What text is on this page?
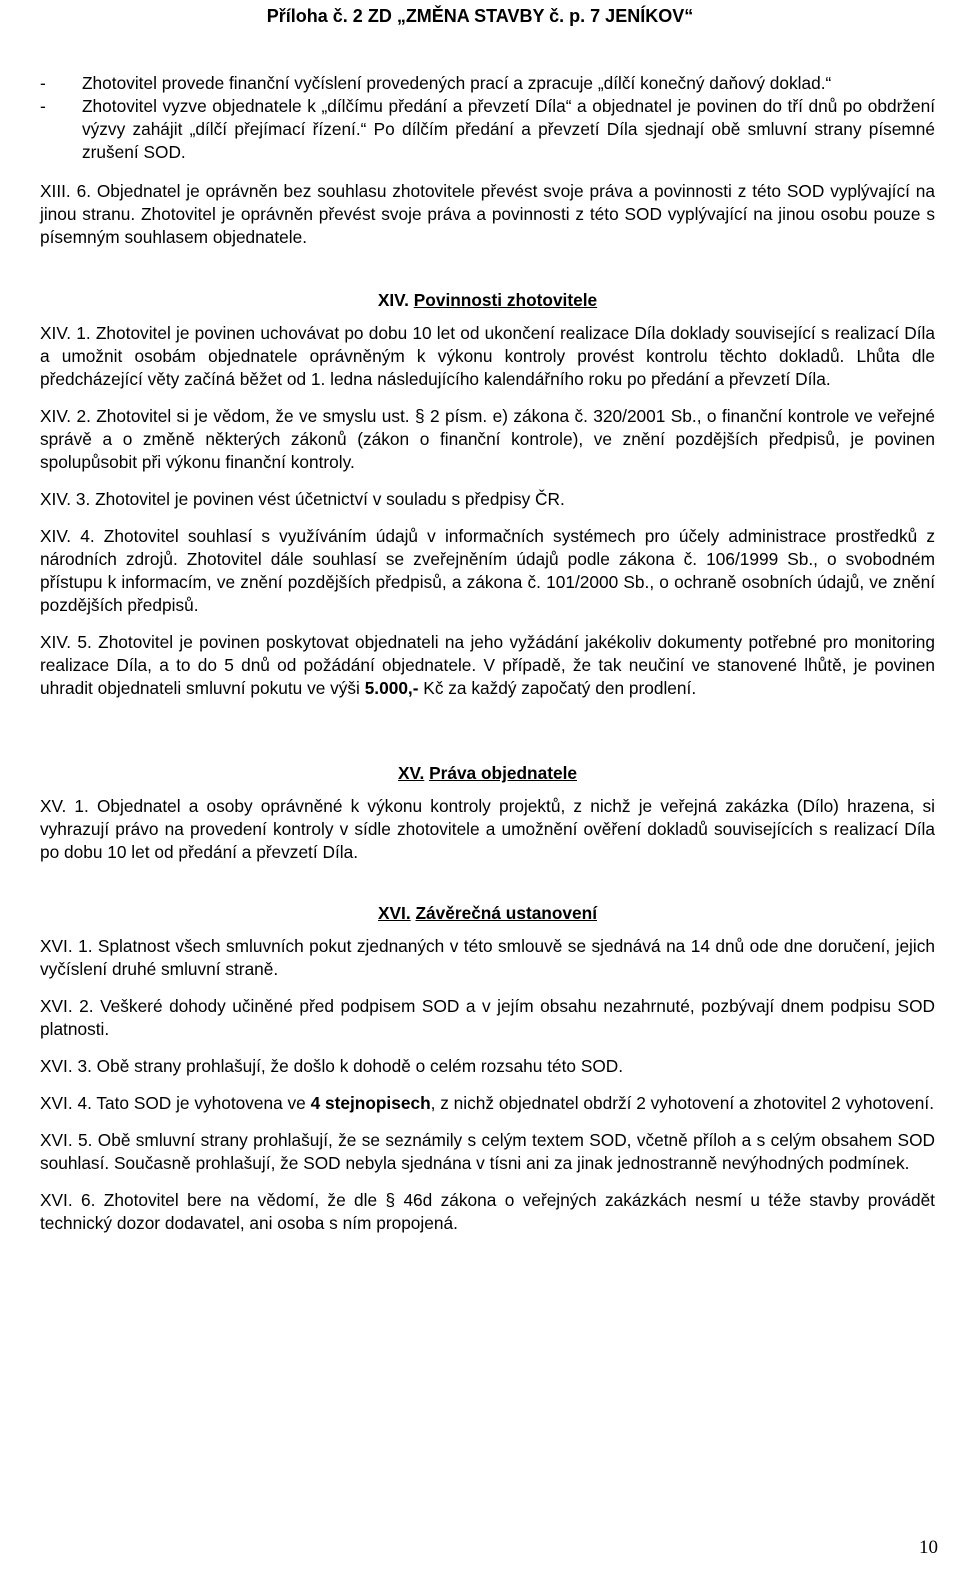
Příloha č. 2 ZD „ZMĚNA STAVBY č. p. 7 JENÍKOV“
-	Zhotovitel provede finanční vyčíslení provedených prací a zpracuje „dílčí konečný daňový doklad.“
-	Zhotovitel vyzve objednatele k „dílčímu předání a převzetí Díla“ a objednatel je povinen do tří dnů po obdržení výzvy zahájit „dílčí přejímací řízení.“ Po dílčím předání a převzetí Díla sjednají obě smluvní strany písemné zrušení SOD.

XIII. 6. Objednatel je oprávněn bez souhlasu zhotovitele převést svoje práva a povinnosti z této SOD vyplývající na jinou stranu. Zhotovitel je oprávněn převést svoje práva a povinnosti z této SOD vyplývající na jinou osobu pouze s písemným souhlasem objednatele.

XIV. Povinnosti zhotovitele

XIV. 1. Zhotovitel je povinen uchovávat po dobu 10 let od ukončení realizace Díla doklady související s realizací Díla a umožnit osobám objednatele oprávněným k výkonu kontroly provést kontrolu těchto dokladů. Lhůta dle předcházející věty začíná běžet od 1. ledna následujícího kalendářního roku po předání a převzetí Díla.

XIV. 2. Zhotovitel si je vědom, že ve smyslu ust. § 2 písm. e) zákona č. 320/2001 Sb., o finanční kontrole ve veřejné správě a o změně některých zákonů (zákon o finanční kontrole), ve znění pozdějších předpisů, je povinen spolupůsobit při výkonu finanční kontroly.

XIV. 3. Zhotovitel je povinen vést účetnictví v souladu s předpisy ČR.

XIV. 4. Zhotovitel souhlasí s využíváním údajů v informačních systémech pro účely administrace prostředků z národních zdrojů. Zhotovitel dále souhlasí se zveřejněním údajů podle zákona č. 106/1999 Sb., o svobodném přístupu k informacím, ve znění pozdějších předpisů, a zákona č. 101/2000 Sb., o ochraně osobních údajů, ve znění pozdějších předpisů.

XIV. 5. Zhotovitel je povinen poskytovat objednateli na jeho vyžádání jakékoliv dokumenty potřebné pro monitoring realizace Díla, a to do 5 dnů od požádání objednatele. V případě, že tak neučiní ve stanovené lhůtě, je povinen uhradit objednateli smluvní pokutu ve výši 5.000,- Kč za každý započatý den prodlení.

XV. Práva objednatele

XV. 1. Objednatel a osoby oprávněné k výkonu kontroly projektů, z nichž je veřejná zakázka (Dílo) hrazena, si vyhrazují právo na provedení kontroly v sídle zhotovitele a umožnění ověření dokladů souvisejících s realizací Díla po dobu 10 let od předání a převzetí Díla.

XVI. Závěrečná ustanovení

XVI. 1. Splatnost všech smluvních pokut zjednaných v této smlouvě se sjednává na 14 dnů ode dne doručení, jejich vyčíslení druhé smluvní straně.

XVI. 2. Veškeré dohody učiněné před podpisem SOD a v jejím obsahu nezahrnuté, pozbývají dnem podpisu SOD platnosti.

XVI. 3. Obě strany prohlašují, že došlo k dohodě o celém rozsahu této SOD.

XVI. 4. Tato SOD je vyhotovena ve 4 stejnopisech, z nichž objednatel obdrží 2 vyhotovení a zhotovitel 2 vyhotovení.

XVI. 5. Obě smluvní strany prohlašují, že se seznámily s celým textem SOD, včetně příloh a s celým obsahem SOD souhlasí. Současně prohlašují, že SOD nebyla sjednána v tísni ani za jinak jednostranně nevýhodných podmínek.

XVI. 6. Zhotovitel bere na vědomí, že dle § 46d zákona o veřejných zakázkách nesmí u téže stavby provádět technický dozor dodavatel, ani osoba s ním propojená.

10
